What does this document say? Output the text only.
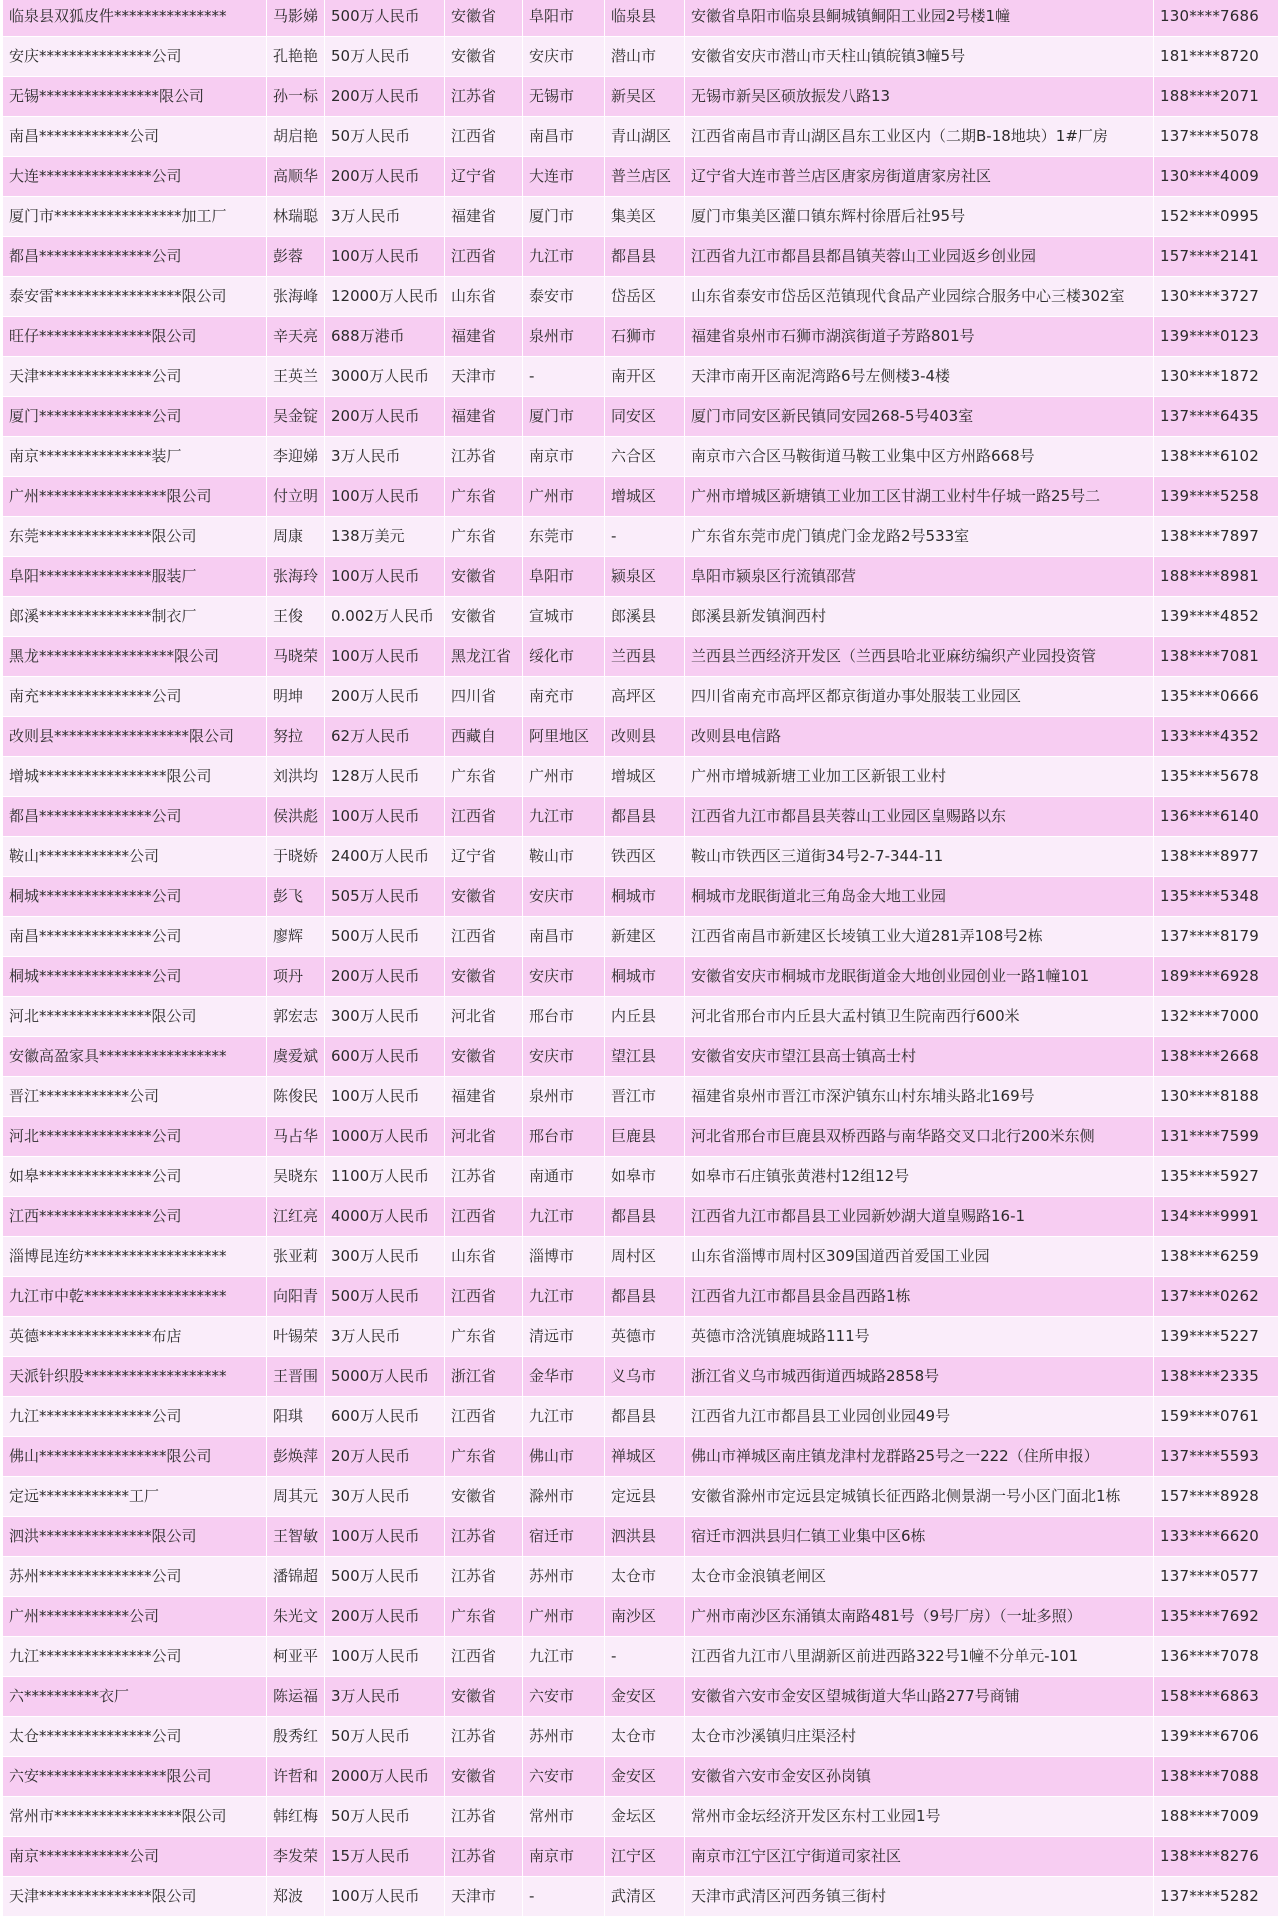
临泉县双狐皮件***************	马影娣	500万人民币	安徽省	阜阳市	临泉县	安徽省阜阳市临泉县鲖城镇鲖阳工业园2号楼1幢	130****7686
安庆***************公司	孔艳艳	50万人民币	安徽省	安庆市	潜山市	安徽省安庆市潜山市天柱山镇皖镇3幢5号	181****8720
无锡****************限公司	孙一标	200万人民币	江苏省	无锡市	新吴区	无锡市新吴区硕放振发八路13	188****2071
南昌************公司	胡启艳	50万人民币	江西省	南昌市	青山湖区	江西省南昌市青山湖区昌东工业区内（二期B-18地块）1#厂房	137****5078
大连***************公司	高顺华	200万人民币	辽宁省	大连市	普兰店区	辽宁省大连市普兰店区唐家房街道唐家房社区	130****4009
厦门市*****************加工厂	林瑞聪	3万人民币	福建省	厦门市	集美区	厦门市集美区灌口镇东辉村徐厝后社95号	152****0995
都昌***************公司	彭蓉	100万人民币	江西省	九江市	都昌县	江西省九江市都昌县都昌镇芙蓉山工业园返乡创业园	157****2141
泰安雷*****************限公司	张海峰	12000万人民币	山东省	泰安市	岱岳区	山东省泰安市岱岳区范镇现代食品产业园综合服务中心三楼302室	130****3727
旺仔***************限公司	辛天亮	688万港币	福建省	泉州市	石狮市	福建省泉州市石狮市湖滨街道子芳路801号	139****0123
天津***************公司	王英兰	3000万人民币	天津市	-	南开区	天津市南开区南泥湾路6号左侧楼3-4楼	130****1872
厦门***************公司	吴金锭	200万人民币	福建省	厦门市	同安区	厦门市同安区新民镇同安园268-5号403室	137****6435
南京***************装厂	李迎娣	3万人民币	江苏省	南京市	六合区	南京市六合区马鞍街道马鞍工业集中区方州路668号	138****6102
广州*****************限公司	付立明	100万人民币	广东省	广州市	增城区	广州市增城区新塘镇工业加工区甘湖工业村牛仔城一路25号二	139****5258
东莞***************限公司	周康	138万美元	广东省	东莞市	-	广东省东莞市虎门镇虎门金龙路2号533室	138****7897
阜阳***************服装厂	张海玲	100万人民币	安徽省	阜阳市	颍泉区	阜阳市颍泉区行流镇邵营	188****8981
郎溪***************制衣厂	王俊	0.002万人民币	安徽省	宣城市	郎溪县	郎溪县新发镇涧西村	139****4852
黑龙******************限公司	马晓荣	100万人民币	黑龙江省	绥化市	兰西县	兰西县兰西经济开发区（兰西县哈北亚麻纺编织产业园投资管	138****7081
南充***************公司	明坤	200万人民币	四川省	南充市	高坪区	四川省南充市高坪区都京街道办事处服装工业园区	135****0666
改则县******************限公司	努拉	62万人民币	西藏自	阿里地区	改则县	改则县电信路	133****4352
增城*****************限公司	刘洪均	128万人民币	广东省	广州市	增城区	广州市增城新塘工业加工区新银工业村	135****5678
都昌***************公司	侯洪彪	100万人民币	江西省	九江市	都昌县	江西省九江市都昌县芙蓉山工业园区皇赐路以东	136****6140
鞍山************公司	于晓娇	2400万人民币	辽宁省	鞍山市	铁西区	鞍山市铁西区三道街34号2-7-344-11	138****8977
桐城***************公司	彭飞	505万人民币	安徽省	安庆市	桐城市	桐城市龙眠街道北三角岛金大地工业园	135****5348
南昌***************公司	廖辉	500万人民币	江西省	南昌市	新建区	江西省南昌市新建区长堎镇工业大道281弄108号2栋	137****8179
桐城***************公司	项丹	200万人民币	安徽省	安庆市	桐城市	安徽省安庆市桐城市龙眠街道金大地创业园创业一路1幢101	189****6928
河北***************限公司	郭宏志	300万人民币	河北省	邢台市	内丘县	河北省邢台市内丘县大孟村镇卫生院南西行600米	132****7000
安徽高盈家具*****************	虞爱斌	600万人民币	安徽省	安庆市	望江县	安徽省安庆市望江县高士镇高士村	138****2668
晋江************公司	陈俊民	100万人民币	福建省	泉州市	晋江市	福建省泉州市晋江市深沪镇东山村东埔头路北169号	130****8188
河北***************公司	马占华	1000万人民币	河北省	邢台市	巨鹿县	河北省邢台市巨鹿县双桥西路与南华路交叉口北行200米东侧	131****7599
如皋***************公司	吴晓东	1100万人民币	江苏省	南通市	如皋市	如皋市石庄镇张黄港村12组12号	135****5927
江西***************公司	江红亮	4000万人民币	江西省	九江市	都昌县	江西省九江市都昌县工业园新妙湖大道皇赐路16-1	134****9991
淄博昆连纺*******************	张亚莉	300万人民币	山东省	淄博市	周村区	山东省淄博市周村区309国道西首爱国工业园	138****6259
九江市中乾*******************	向阳青	500万人民币	江西省	九江市	都昌县	江西省九江市都昌县金昌西路1栋	137****0262
英德***************布店	叶锡荣	3万人民币	广东省	清远市	英德市	英德市浛洸镇鹿城路111号	139****5227
天派针织股*******************	王晋围	5000万人民币	浙江省	金华市	义乌市	浙江省义乌市城西街道西城路2858号	138****2335
九江***************公司	阳琪	600万人民币	江西省	九江市	都昌县	江西省九江市都昌县工业园创业园49号	159****0761
佛山*****************限公司	彭焕萍	20万人民币	广东省	佛山市	禅城区	佛山市禅城区南庄镇龙津村龙群路25号之一222（住所申报）	137****5593
定远************工厂	周其元	30万人民币	安徽省	滁州市	定远县	安徽省滁州市定远县定城镇长征西路北侧景湖一号小区门面北1栋	157****8928
泗洪***************限公司	王智敏	100万人民币	江苏省	宿迁市	泗洪县	宿迁市泗洪县归仁镇工业集中区6栋	133****6620
苏州***************公司	潘锦超	500万人民币	江苏省	苏州市	太仓市	太仓市金浪镇老闸区	137****0577
广州************公司	朱光文	200万人民币	广东省	广州市	南沙区	广州市南沙区东涌镇太南路481号（9号厂房）（一址多照）	135****7692
九江***************公司	柯亚平	100万人民币	江西省	九江市	-	江西省九江市八里湖新区前进西路322号1幢不分单元-101	136****7078
六**********衣厂	陈运福	3万人民币	安徽省	六安市	金安区	安徽省六安市金安区望城街道大华山路277号商铺	158****6863
太仓***************公司	殷秀红	50万人民币	江苏省	苏州市	太仓市	太仓市沙溪镇归庄渠泾村	139****6706
六安*****************限公司	许哲和	2000万人民币	安徽省	六安市	金安区	安徽省六安市金安区孙岗镇	138****7088
常州市*****************限公司	韩红梅	50万人民币	江苏省	常州市	金坛区	常州市金坛经济开发区东村工业园1号	188****7009
南京************公司	李发荣	15万人民币	江苏省	南京市	江宁区	南京市江宁区江宁街道司家社区	138****8276
天津***************限公司	郑波	100万人民币	天津市	-	武清区	天津市武清区河西务镇三街村	137****5282
